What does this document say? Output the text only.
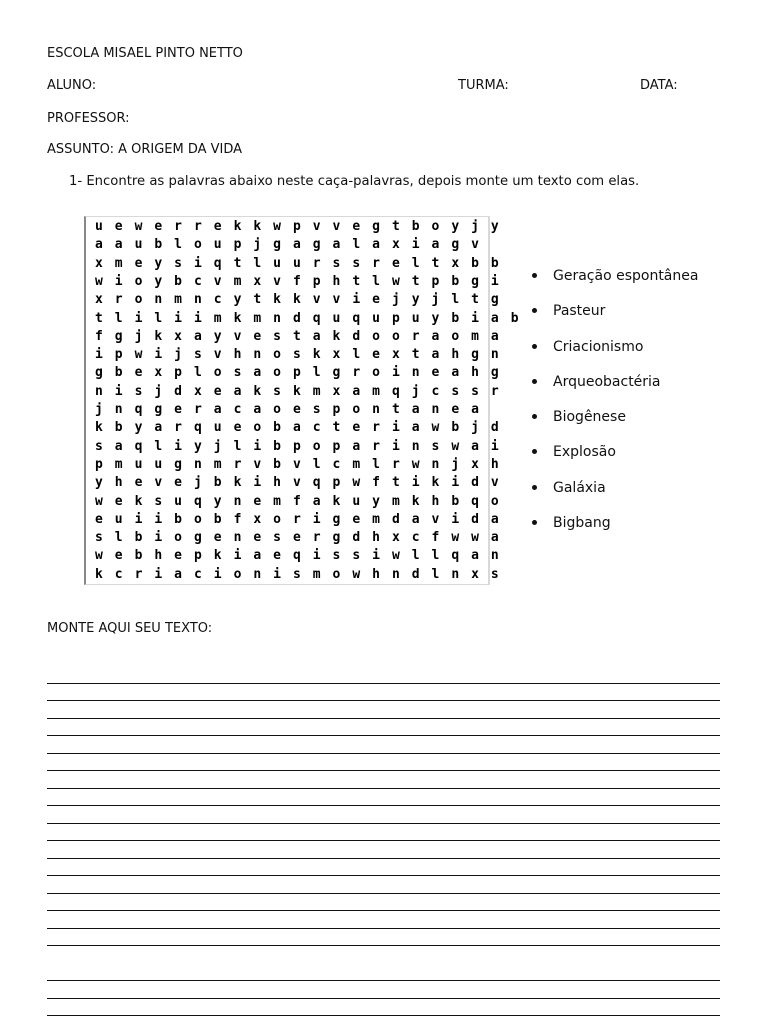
ESCOLA MISAEL PINTO NETTO
ALUNO:	TURMA:	DATA:
PROFESSOR:
ASSUNTO: A ORIGEM DA VIDA
1- Encontre as palavras abaixo neste caça-palavras, depois monte um texto com elas.
u e w e r r e k k w p v v e g t b o y j y
a a u b l o u p j g a g a l a x i a g v
x m e y s i q t l u u r s s r e l t x b b
w i o y b c v m x v f p h t l w t p b g i
x r o n m n c y t k k v v i e j y j l t g
t l i l i i m k m n d q u q u p u y b i a b
f g j k x a y v e s t a k d o o r a o m a
i p w i j s v h n o s k x l e x t a h g n
g b e x p l o s a o p l g r o i n e a h g
n i s j d x e a k s k m x a m q j c s s r
j n q g e r a c a o e s p o n t a n e a
k b y a r q u e o b a c t e r i a w b j d
s a q l i y j l i b p o p a r i n s w a i
p m u u g n m r v b v l c m l r w n j x h
y h e v e j b k i h v q p w f t i k i d v
w e k s u q y n e m f a k u y m k h b q o
e u i i b o b f x o r i g e m d a v i d a
s l b i o g e n e s e r g d h x c f w w a
w e b h e p k i a e q i s s i w l l q a n
k c r i a c i o n i s m o w h n d l n x s
Geração espontânea
Pasteur
Criacionismo
Arqueobactéria
Biogênese
Explosão
Galáxia
Bigbang
MONTE AQUI SEU TEXTO:
